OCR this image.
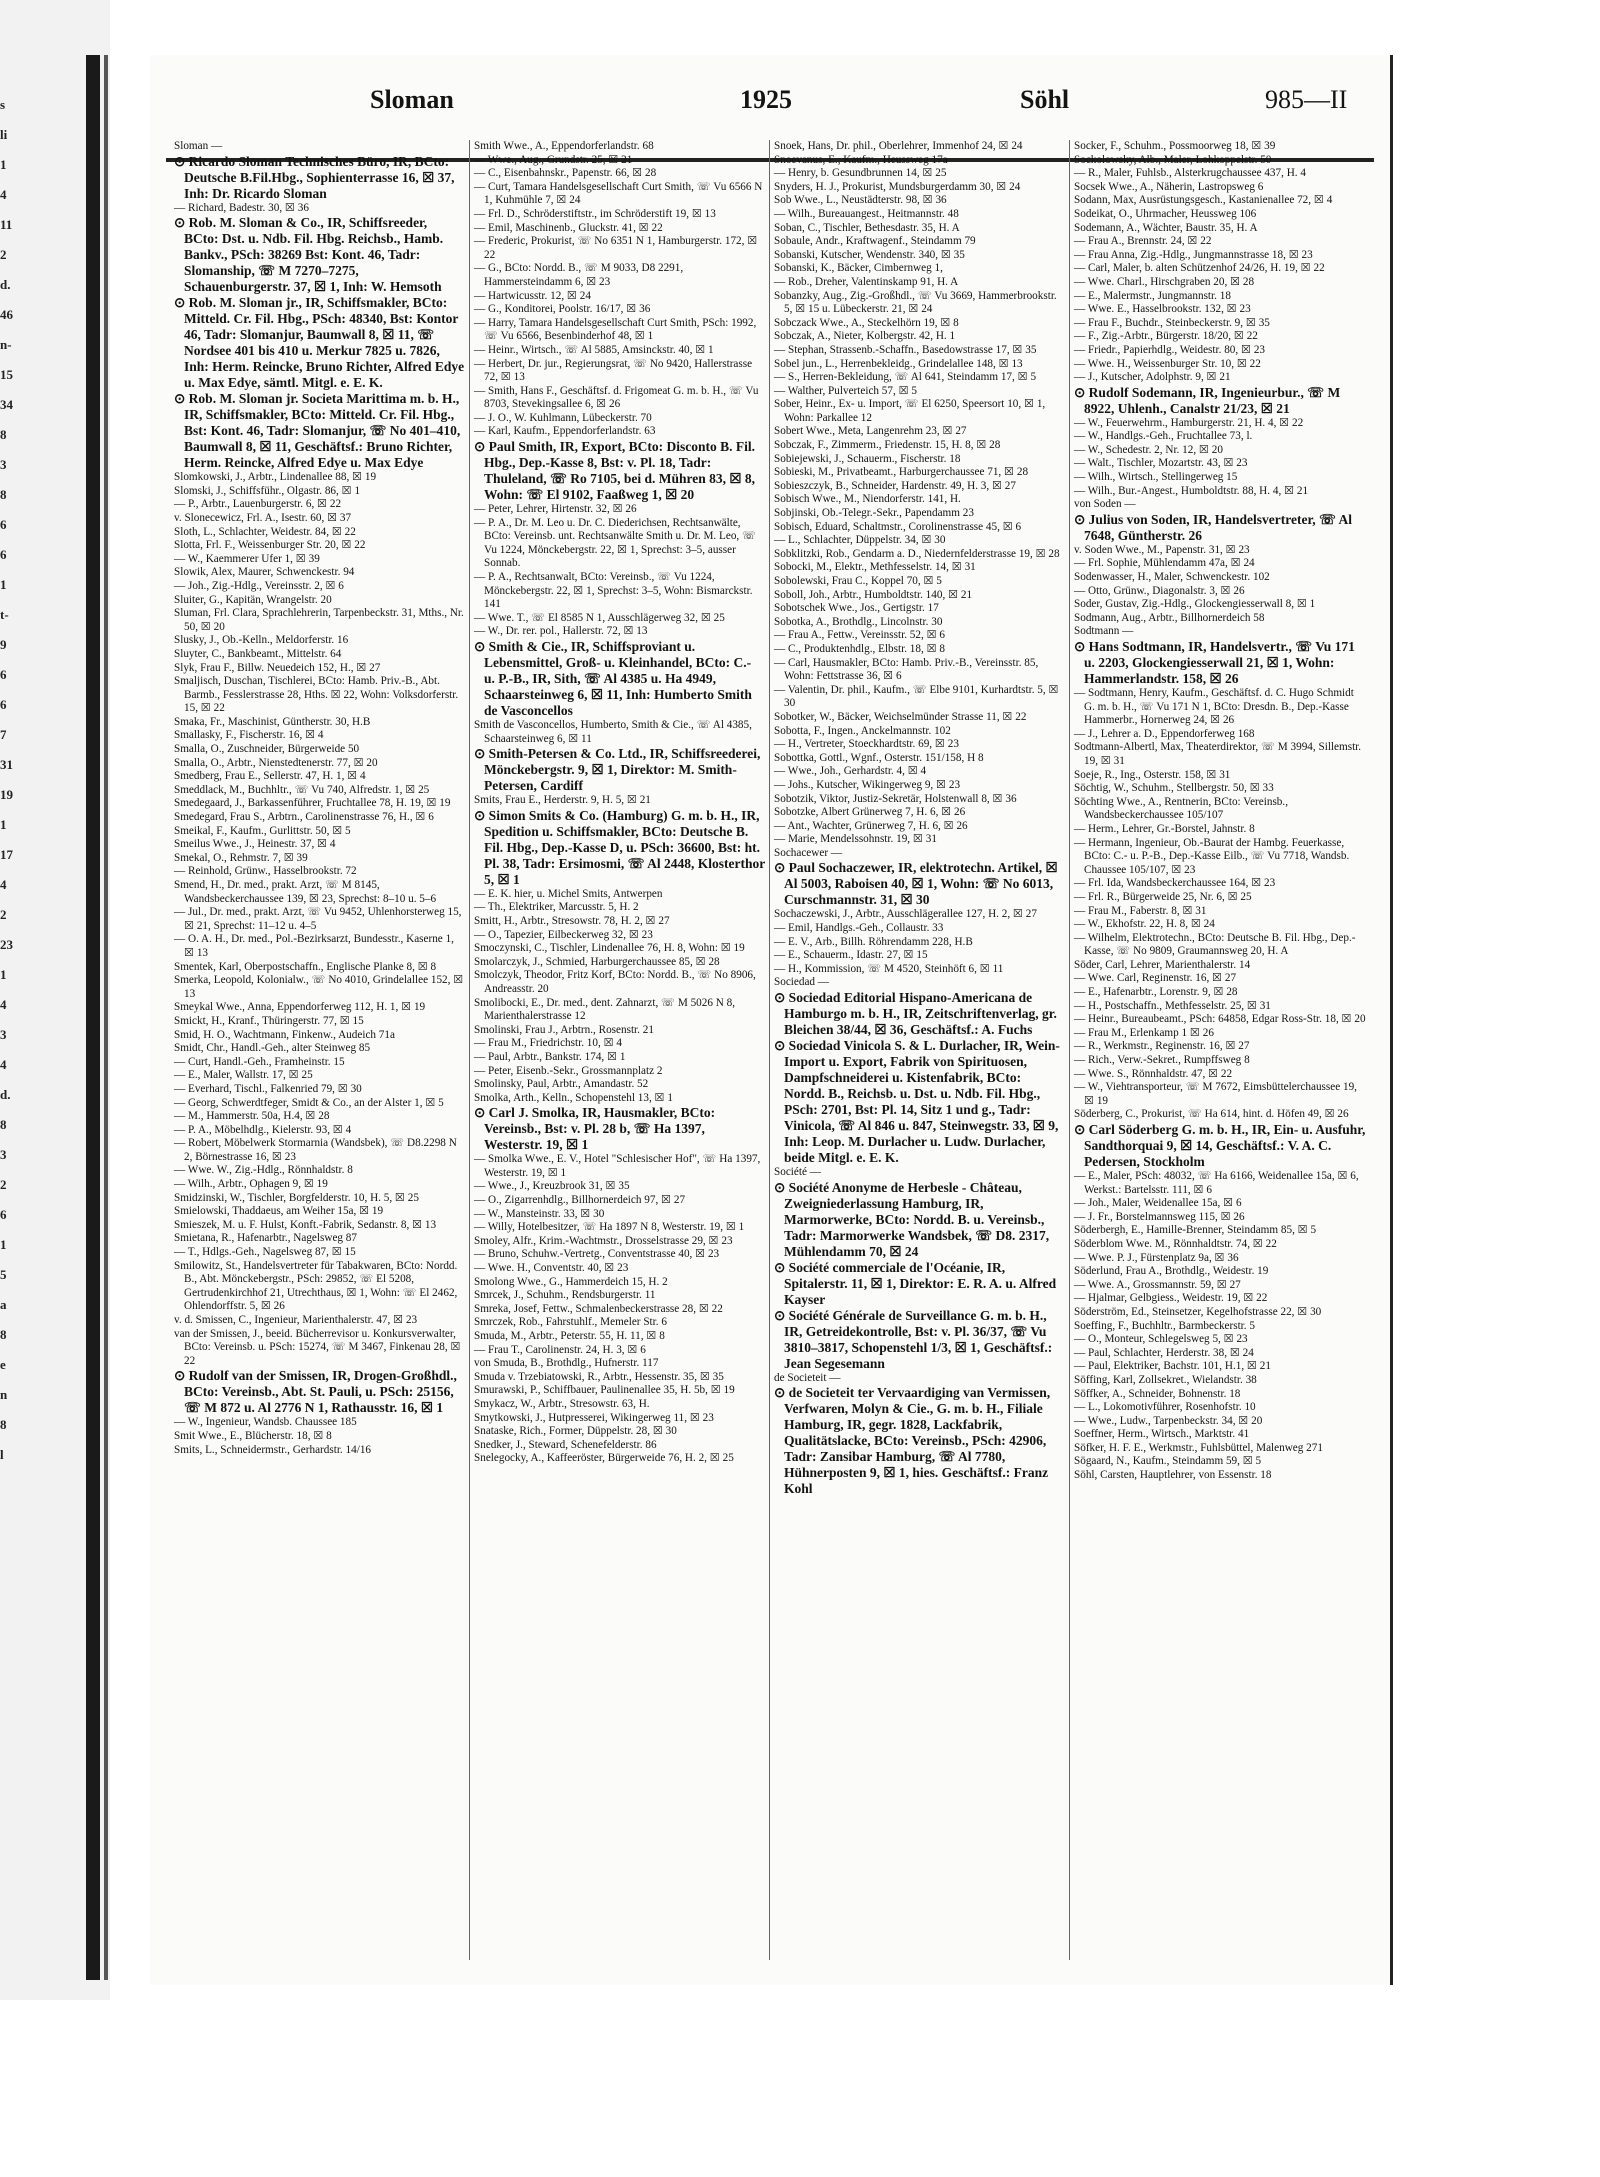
s
li
1
4
11
2
d.
46
n-
15
34
8
3
8
6
6
1
t-
9
6
6
7
31
19
1
17
4
2
23
1
4
3
4
d.
8
3
2
6
1
5
a
8
e
n
8
l
Sloman	1925	Söhl	985—II

Sloman —

⊙ Ricardo Sloman Technisches Büro, IR, BCto: Deutsche B.Fil.Hbg., Sophienterrasse 16, ☒ 37, Inh: Dr. Ricardo Sloman

— Richard, Badestr. 30, ☒ 36

⊙ Rob. M. Sloman & Co., IR, Schiffsreeder, BCto: Dst. u. Ndb. Fil. Hbg. Reichsb., Hamb. Bankv., PSch: 38269 Bst: Kont. 46, Tadr: Slomanship, ☏ M 7270–7275, Schauenburgerstr. 37, ☒ 1, Inh: W. Hemsoth

⊙ Rob. M. Sloman jr., IR, Schiffsmakler, BCto: Mitteld. Cr. Fil. Hbg., PSch: 48340, Bst: Kontor 46, Tadr: Slomanjur, Baumwall 8, ☒ 11, ☏ Nordsee 401 bis 410 u. Merkur 7825 u. 7826, Inh: Herm. Reincke, Bruno Richter, Alfred Edye u. Max Edye, sämtl. Mitgl. e. E. K.

⊙ Rob. M. Sloman jr. Societa Marittima m. b. H., IR, Schiffsmakler, BCto: Mitteld. Cr. Fil. Hbg., Bst: Kont. 46, Tadr: Slomanjur, ☏ No 401–410, Baumwall 8, ☒ 11, Geschäftsf.: Bruno Richter, Herm. Reincke, Alfred Edye u. Max Edye

Slomkowski, J., Arbtr., Lindenallee 88, ☒ 19

Slomski, J., Schiffsführ., Olgastr. 86, ☒ 1

— P., Arbtr., Lauenburgerstr. 6, ☒ 22

v. Slonecewicz, Frl. A., Isestr. 60, ☒ 37

Sloth, L., Schlachter, Weidestr. 84, ☒ 22

Slotta, Frl. F., Weissenburger Str. 20, ☒ 22

— W., Kaemmerer Ufer 1, ☒ 39

Slowik, Alex, Maurer, Schwenckestr. 94

— Joh., Zig.-Hdlg., Vereinsstr. 2, ☒ 6

Sluiter, G., Kapitän, Wrangelstr. 20

Sluman, Frl. Clara, Sprachlehrerin, Tarpenbeckstr. 31, Mths., Nr. 50, ☒ 20

Slusky, J., Ob.-Kelln., Meldorferstr. 16

Sluyter, C., Bankbeamt., Mittelstr. 64

Slyk, Frau F., Billw. Neuedeich 152, H., ☒ 27

Smaljisch, Duschan, Tischlerei, BCto: Hamb. Priv.-B., Abt. Barmb., Fesslerstrasse 28, Hths. ☒ 22, Wohn: Volksdorferstr. 15, ☒ 22

Smaka, Fr., Maschinist, Güntherstr. 30, H.B

Smallasky, F., Fischerstr. 16, ☒ 4

Smalla, O., Zuschneider, Bürgerweide 50

Smalla, O., Arbtr., Nienstedtenerstr. 77, ☒ 20

Smedberg, Frau E., Sellerstr. 47, H. 1, ☒ 4

Smeddlack, M., Buchhltr., ☏ Vu 740, Alfredstr. 1, ☒ 25

Smedegaard, J., Barkassenführer, Fruchtallee 78, H. 19, ☒ 19

Smedegard, Frau S., Arbtrn., Carolinenstrasse 76, H., ☒ 6

Smeikal, F., Kaufm., Gurlittstr. 50, ☒ 5

Smeilus Wwe., J., Heinestr. 37, ☒ 4

Smekal, O., Rehmstr. 7, ☒ 39

— Reinhold, Grünw., Hasselbrookstr. 72

Smend, H., Dr. med., prakt. Arzt, ☏ M 8145, Wandsbeckerchaussee 139, ☒ 23, Sprechst: 8–10 u. 5–6

— Jul., Dr. med., prakt. Arzt, ☏ Vu 9452, Uhlenhorsterweg 15, ☒ 21, Sprechst: 11–12 u. 4–5

— O. A. H., Dr. med., Pol.-Bezirksarzt, Bundesstr., Kaserne 1, ☒ 13

Smentek, Karl, Oberpostschaffn., Englische Planke 8, ☒ 8

Smerka, Leopold, Kolonialw., ☏ No 4010, Grindelallee 152, ☒ 13

Smeykal Wwe., Anna, Eppendorferweg 112, H. 1, ☒ 19

Smickt, H., Kranf., Thüringerstr. 77, ☒ 15

Smid, H. O., Wachtmann, Finkenw., Audeich 71a

Smidt, Chr., Handl.-Geh., alter Steinweg 85

— Curt, Handl.-Geh., Framheinstr. 15

— E., Maler, Wallstr. 17, ☒ 25

— Everhard, Tischl., Falkenried 79, ☒ 30

— Georg, Schwerdtfeger, Smidt & Co., an der Alster 1, ☒ 5

— M., Hammerstr. 50a, H.4, ☒ 28

— P. A., Möbelhdlg., Kielerstr. 93, ☒ 4

— Robert, Möbelwerk Stormarnia (Wandsbek), ☏ D8.2298 N 2, Börnestrasse 16, ☒ 23

— Wwe. W., Zig.-Hdlg., Rönnhaldstr. 8

— Wilh., Arbtr., Ophagen 9, ☒ 19

Smidzinski, W., Tischler, Borgfelderstr. 10, H. 5, ☒ 25

Smielowski, Thaddaeus, am Weiher 15a, ☒ 19

Smieszek, M. u. F. Hulst, Konft.-Fabrik, Sedanstr. 8, ☒ 13

Smietana, R., Hafenarbtr., Nagelsweg 87

— T., Hdlgs.-Geh., Nagelsweg 87, ☒ 15

Smilowitz, St., Handelsvertreter für Tabakwaren, BCto: Nordd. B., Abt. Mönckebergstr., PSch: 29852, ☏ El 5208, Gertrudenkirchhof 21, Utrechthaus, ☒ 1, Wohn: ☏ El 2462, Ohlendorffstr. 5, ☒ 26

v. d. Smissen, C., Ingenieur, Marienthalerstr. 47, ☒ 23

van der Smissen, J., beeid. Bücherrevisor u. Konkursverwalter, BCto: Vereinsb. u. PSch: 15274, ☏ M 3467, Finkenau 28, ☒ 22

⊙ Rudolf van der Smissen, IR, Drogen-Großhdl., BCto: Vereinsb., Abt. St. Pauli, u. PSch: 25156, ☏ M 872 u. Al 2776 N 1, Rathausstr. 16, ☒ 1

— W., Ingenieur, Wandsb. Chaussee 185

Smit Wwe., E., Blücherstr. 18, ☒ 8

Smits, L., Schneidermstr., Gerhardstr. 14/16

Smith Wwe., A., Eppendorferlandstr. 68

— Wwe., Aug., Grundstr. 25, ☒ 21

— C., Eisenbahnskr., Papenstr. 66, ☒ 28

— Curt, Tamara Handelsgesellschaft Curt Smith, ☏ Vu 6566 N 1, Kuhmühle 7, ☒ 24

— Frl. D., Schröderstiftstr., im Schröderstift 19, ☒ 13

— Emil, Maschinenb., Gluckstr. 41, ☒ 22

— Frederic, Prokurist, ☏ No 6351 N 1, Hamburgerstr. 172, ☒ 22

— G., BCto: Nordd. B., ☏ M 9033, D8 2291, Hammersteindamm 6, ☒ 23

— Hartwicusstr. 12, ☒ 24

— G., Konditorei, Poolstr. 16/17, ☒ 36

— Harry, Tamara Handelsgesellschaft Curt Smith, PSch: 1992, ☏ Vu 6566, Besenbinderhof 48, ☒ 1

— Heinr., Wirtsch., ☏ Al 5885, Amsinckstr. 40, ☒ 1

— Herbert, Dr. jur., Regierungsrat, ☏ No 9420, Hallerstrasse 72, ☒ 13

— Smith, Hans F., Geschäftsf. d. Frigomeat G. m. b. H., ☏ Vu 8703, Stevekingsallee 6, ☒ 26

— J. O., W. Kuhlmann, Lübeckerstr. 70

— Karl, Kaufm., Eppendorferlandstr. 63

⊙ Paul Smith, IR, Export, BCto: Disconto B. Fil. Hbg., Dep.-Kasse 8, Bst: v. Pl. 18, Tadr: Thuleland, ☏ Ro 7105, bei d. Mühren 83, ☒ 8, Wohn: ☏ El 9102, Faaßweg 1, ☒ 20

— Peter, Lehrer, Hirtenstr. 32, ☒ 26

— P. A., Dr. M. Leo u. Dr. C. Diederichsen, Rechtsanwälte, BCto: Vereinsb. unt. Rechtsanwälte Smith u. Dr. M. Leo, ☏ Vu 1224, Mönckebergstr. 22, ☒ 1, Sprechst: 3–5, ausser Sonnab.

— P. A., Rechtsanwalt, BCto: Vereinsb., ☏ Vu 1224, Mönckebergstr. 22, ☒ 1, Sprechst: 3–5, Wohn: Bismarckstr. 141

— Wwe. T., ☏ El 8585 N 1, Ausschlägerweg 32, ☒ 25

— W., Dr. rer. pol., Hallerstr. 72, ☒ 13

⊙ Smith & Cie., IR, Schiffsproviant u. Lebensmittel, Groß- u. Kleinhandel, BCto: C.- u. P.-B., IR, Sith, ☏ Al 4385 u. Ha 4949, Schaarsteinweg 6, ☒ 11, Inh: Humberto Smith de Vasconcellos

Smith de Vasconcellos, Humberto, Smith & Cie., ☏ Al 4385, Schaarsteinweg 6, ☒ 11

⊙ Smith-Petersen & Co. Ltd., IR, Schiffsreederei, Mönckebergstr. 9, ☒ 1, Direktor: M. Smith-Petersen, Cardiff

Smits, Frau E., Herderstr. 9, H. 5, ☒ 21

⊙ Simon Smits & Co. (Hamburg) G. m. b. H., IR, Spedition u. Schiffsmakler, BCto: Deutsche B. Fil. Hbg., Dep.-Kasse D, u. PSch: 36600, Bst: ht. Pl. 38, Tadr: Ersimosmi, ☏ Al 2448, Klosterthor 5, ☒ 1

— E. K. hier, u. Michel Smits, Antwerpen

— Th., Elektriker, Marcusstr. 5, H. 2

Smitt, H., Arbtr., Stresowstr. 78, H. 2, ☒ 27

— O., Tapezier, Eilbeckerweg 32, ☒ 23

Smoczynski, C., Tischler, Lindenallee 76, H. 8, Wohn: ☒ 19

Smolarczyk, J., Schmied, Harburgerchaussee 85, ☒ 28

Smolczyk, Theodor, Fritz Korf, BCto: Nordd. B., ☏ No 8906, Andreasstr. 20

Smolibocki, E., Dr. med., dent. Zahnarzt, ☏ M 5026 N 8, Marienthalerstrasse 12

Smolinski, Frau J., Arbtrn., Rosenstr. 21

— Frau M., Friedrichstr. 10, ☒ 4

— Paul, Arbtr., Bankstr. 174, ☒ 1

— Peter, Eisenb.-Sekr., Grossmannplatz 2

Smolinsky, Paul, Arbtr., Amandastr. 52

Smolka, Arth., Kelln., Schopenstehl 13, ☒ 1

⊙ Carl J. Smolka, IR, Hausmakler, BCto: Vereinsb., Bst: v. Pl. 28 b, ☏ Ha 1397, Westerstr. 19, ☒ 1

— Smolka Wwe., E. V., Hotel "Schlesischer Hof", ☏ Ha 1397, Westerstr. 19, ☒ 1

— Wwe., J., Kreuzbrook 31, ☒ 35

— O., Zigarrenhdlg., Billhornerdeich 97, ☒ 27

— W., Mansteinstr. 33, ☒ 30

— Willy, Hotelbesitzer, ☏ Ha 1897 N 8, Westerstr. 19, ☒ 1

Smoley, Alfr., Krim.-Wachtmstr., Drosselstrasse 29, ☒ 23

— Bruno, Schuhw.-Vertretg., Conventstrasse 40, ☒ 23

— Wwe. H., Conventstr. 40, ☒ 23

Smolong Wwe., G., Hammerdeich 15, H. 2

Smrcek, J., Schuhm., Rendsburgerstr. 11

Smreka, Josef, Fettw., Schmalenbeckerstrasse 28, ☒ 22

Smrczek, Rob., Fahrstuhlf., Memeler Str. 6

Smuda, M., Arbtr., Peterstr. 55, H. 11, ☒ 8

— Frau T., Carolinenstr. 24, H. 3, ☒ 6

von Smuda, B., Brothdlg., Hufnerstr. 117

Smuda v. Trzebiatowski, R., Arbtr., Hessenstr. 35, ☒ 35

Smurawski, P., Schiffbauer, Paulinenallee 35, H. 5b, ☒ 19

Smykacz, W., Arbtr., Stresowstr. 63, H.

Smytkowski, J., Hutpresserei, Wikingerweg 11, ☒ 23

Snataske, Rich., Former, Düppelstr. 28, ☒ 30

Snedker, J., Steward, Schenefelderstr. 86

Snelegocky, A., Kaffeeröster, Bürgerweide 76, H. 2, ☒ 25

Snoek, Hans, Dr. phil., Oberlehrer, Immenhof 24, ☒ 24

Snoevanus, E., Kaufm., Heussweg 17a

— Henry, b. Gesundbrunnen 14, ☒ 25

Snyders, H. J., Prokurist, Mundsburgerdamm 30, ☒ 24

Sob Wwe., L., Neustädterstr. 98, ☒ 36

— Wilh., Bureauangest., Heitmannstr. 48

Soban, C., Tischler, Bethesdastr. 35, H. A

Sobaule, Andr., Kraftwagenf., Steindamm 79

Sobanski, Kutscher, Wendenstr. 340, ☒ 35

Sobanski, K., Bäcker, Cimbernweg 1,

— Rob., Dreher, Valentinskamp 91, H. A

Sobanzky, Aug., Zig.-Großhdl., ☏ Vu 3669, Hammerbrookstr. 5, ☒ 15 u. Lübeckerstr. 21, ☒ 24

Sobczack Wwe., A., Steckelhörn 19, ☒ 8

Sobczak, A., Nieter, Kolbergstr. 42, H. 1

— Stephan, Strassenb.-Schaffn., Basedowstrasse 17, ☒ 35

Sobel jun., L., Herrenbekleidg., Grindelallee 148, ☒ 13

— S., Herren-Bekleidung, ☏ Al 641, Steindamm 17, ☒ 5

— Walther, Pulverteich 57, ☒ 5

Sober, Heinr., Ex- u. Import, ☏ El 6250, Speersort 10, ☒ 1, Wohn: Parkallee 12

Sobert Wwe., Meta, Langenrehm 23, ☒ 27

Sobczak, F., Zimmerm., Friedenstr. 15, H. 8, ☒ 28

Sobiejewski, J., Schauerm., Fischerstr. 18

Sobieski, M., Privatbeamt., Harburgerchaussee 71, ☒ 28

Sobieszczyk, B., Schneider, Hardenstr. 49, H. 3, ☒ 27

Sobisch Wwe., M., Niendorferstr. 141, H.

Sobjinski, Ob.-Telegr.-Sekr., Papendamm 23

Sobisch, Eduard, Schaltmstr., Corolinenstrasse 45, ☒ 6

— L., Schlachter, Düppelstr. 34, ☒ 30

Sobklitzki, Rob., Gendarm a. D., Niedernfelderstrasse 19, ☒ 28

Sobocki, M., Elektr., Methfesselstr. 14, ☒ 31

Sobolewski, Frau C., Koppel 70, ☒ 5

Soboll, Joh., Arbtr., Humboldtstr. 140, ☒ 21

Sobotschek Wwe., Jos., Gertigstr. 17

Sobotka, A., Brothdlg., Lincolnstr. 30

— Frau A., Fettw., Vereinsstr. 52, ☒ 6

— C., Produktenhdlg., Elbstr. 18, ☒ 8

— Carl, Hausmakler, BCto: Hamb. Priv.-B., Vereinsstr. 85, Wohn: Fettstrasse 36, ☒ 6

— Valentin, Dr. phil., Kaufm., ☏ Elbe 9101, Kurhardtstr. 5, ☒ 30

Sobotker, W., Bäcker, Weichselmünder Strasse 11, ☒ 22

Sobotta, F., Ingen., Anckelmannstr. 102

— H., Vertreter, Stoeckhardtstr. 69, ☒ 23

Sobottka, Gottl., Wgnf., Osterstr. 151/158, H 8

— Wwe., Joh., Gerhardstr. 4, ☒ 4

— Johs., Kutscher, Wikingerweg 9, ☒ 23

Sobotzik, Viktor, Justiz-Sekretär, Holstenwall 8, ☒ 36

Sobotzke, Albert Grünerweg 7, H. 6, ☒ 26

— Ant., Wachter, Grünerweg 7, H. 6, ☒ 26

— Marie, Mendelssohnstr. 19, ☒ 31

Sochacewer —

⊙ Paul Sochaczewer, IR, elektrotechn. Artikel, ☒ Al 5003, Raboisen 40, ☒ 1, Wohn: ☏ No 6013, Curschmannstr. 31, ☒ 30

Sochaczewski, J., Arbtr., Ausschlägerallee 127, H. 2, ☒ 27

— Emil, Handlgs.-Geh., Collaustr. 33

— E. V., Arb., Billh. Röhrendamm 228, H.B

— E., Schauerm., Idastr. 27, ☒ 15

— H., Kommission, ☏ M 4520, Steinhöft 6, ☒ 11

Sociedad —

⊙ Sociedad Editorial Hispano-Americana de Hamburgo m. b. H., IR, Zeitschriftenverlag, gr. Bleichen 38/44, ☒ 36, Geschäftsf.: A. Fuchs

⊙ Sociedad Vinicola S. & L. Durlacher, IR, Wein-Import u. Export, Fabrik von Spirituosen, Dampfschneiderei u. Kistenfabrik, BCto: Nordd. B., Reichsb. u. Dst. u. Ndb. Fil. Hbg., PSch: 2701, Bst: Pl. 14, Sitz 1 und g., Tadr: Vinicola, ☏ Al 846 u. 847, Steinwegstr. 33, ☒ 9, Inh: Leop. M. Durlacher u. Ludw. Durlacher, beide Mitgl. e. E. K.

Société —

⊙ Société Anonyme de Herbesle - Château, Zweigniederlassung Hamburg, IR, Marmorwerke, BCto: Nordd. B. u. Vereinsb., Tadr: Marmorwerke Wandsbek, ☏ D8. 2317, Mühlendamm 70, ☒ 24

⊙ Société commerciale de l'Océanie, IR, Spitalerstr. 11, ☒ 1, Direktor: E. R. A. u. Alfred Kayser

⊙ Société Générale de Surveillance G. m. b. H., IR, Getreidekontrolle, Bst: v. Pl. 36/37, ☏ Vu 3810–3817, Schopenstehl 1/3, ☒ 1, Geschäftsf.: Jean Segesemann

de Societeit —

⊙ de Societeit ter Vervaardiging van Vermissen, Verfwaren, Molyn & Cie., G. m. b. H., Filiale Hamburg, IR, gegr. 1828, Lackfabrik, Qualitätslacke, BCto: Vereinsb., PSch: 42906, Tadr: Zansibar Hamburg, ☏ Al 7780, Hühnerposten 9, ☒ 1, hies. Geschäftsf.: Franz Kohl

Socker, F., Schuhm., Possmoorweg 18, ☒ 39

Sockolowsky, Alb., Maler, Lohkoppelstr. 50

— R., Maler, Fuhlsb., Alsterkrugchaussee 437, H. 4

Socsek Wwe., A., Näherin, Lastropsweg 6

Sodann, Max, Ausrüstungsgesch., Kastanienallee 72, ☒ 4

Sodeikat, O., Uhrmacher, Heussweg 106

Sodemann, A., Wächter, Baustr. 35, H. A

— Frau A., Brennstr. 24, ☒ 22

— Frau Anna, Zig.-Hdlg., Jungmannstrasse 18, ☒ 23

— Carl, Maler, b. alten Schützenhof 24/26, H. 19, ☒ 22

— Wwe. Charl., Hirschgraben 20, ☒ 28

— E., Malermstr., Jungmannstr. 18

— Wwe. E., Hasselbrookstr. 132, ☒ 23

— Frau F., Buchdr., Steinbeckerstr. 9, ☒ 35

— F., Zig.-Arbtr., Bürgerstr. 18/20, ☒ 22

— Friedr., Papierhdlg., Weidestr. 80, ☒ 23

— Wwe. H., Weissenburger Str. 10, ☒ 22

— J., Kutscher, Adolphstr. 9, ☒ 21

⊙ Rudolf Sodemann, IR, Ingenieurbur., ☏ M 8922, Uhlenh., Canalstr 21/23, ☒ 21

— W., Feuerwehrm., Hamburgerstr. 21, H. 4, ☒ 22

— W., Handlgs.-Geh., Fruchtallee 73, l.

— W., Schedestr. 2, Nr. 12, ☒ 20

— Walt., Tischler, Mozartstr. 43, ☒ 23

— Wilh., Wirtsch., Stellingerweg 15

— Wilh., Bur.-Angest., Humboldtstr. 88, H. 4, ☒ 21

von Soden —

⊙ Julius von Soden, IR, Handelsvertreter, ☏ Al 7648, Güntherstr. 26

v. Soden Wwe., M., Papenstr. 31, ☒ 23

— Frl. Sophie, Mühlendamm 47a, ☒ 24

Sodenwasser, H., Maler, Schwenckestr. 102

— Otto, Grünw., Diagonalstr. 3, ☒ 26

Soder, Gustav, Zig.-Hdlg., Glockengiesserwall 8, ☒ 1

Sodmann, Aug., Arbtr., Billhornerdeich 58

Sodtmann —

⊙ Hans Sodtmann, IR, Handelsvertr., ☏ Vu 171 u. 2203, Glockengiesserwall 21, ☒ 1, Wohn: Hammerlandstr. 158, ☒ 26

— Sodtmann, Henry, Kaufm., Geschäftsf. d. C. Hugo Schmidt G. m. b. H., ☏ Vu 171 N 1, BCto: Dresdn. B., Dep.-Kasse Hammerbr., Hornerweg 24, ☒ 26

— J., Lehrer a. D., Eppendorferweg 168

Sodtmann-Albertl, Max, Theaterdirektor, ☏ M 3994, Sillemstr. 19, ☒ 31

Soeje, R., Ing., Osterstr. 158, ☒ 31

Söchtig, W., Schuhm., Stellbergstr. 50, ☒ 33

Söchting Wwe., A., Rentnerin, BCto: Vereinsb., Wandsbeckerchaussee 105/107

— Herm., Lehrer, Gr.-Borstel, Jahnstr. 8

— Hermann, Ingenieur, Ob.-Baurat der Hambg. Feuerkasse, BCto: C.- u. P.-B., Dep.-Kasse Eilb., ☏ Vu 7718, Wandsb. Chaussee 105/107, ☒ 23

— Frl. Ida, Wandsbeckerchaussee 164, ☒ 23

— Frl. R., Bürgerweide 25, Nr. 6, ☒ 25

— Frau M., Faberstr. 8, ☒ 31

— W., Ekhofstr. 22, H. 8, ☒ 24

— Wilhelm, Elektrotechn., BCto: Deutsche B. Fil. Hbg., Dep.-Kasse, ☏ No 9809, Graumannsweg 20, H. A

Söder, Carl, Lehrer, Marienthalerstr. 14

— Wwe. Carl, Reginenstr. 16, ☒ 27

— E., Hafenarbtr., Lorenstr. 9, ☒ 28

— H., Postschaffn., Methfesselstr. 25, ☒ 31

— Heinr., Bureaubeamt., PSch: 64858, Edgar Ross-Str. 18, ☒ 20

— Frau M., Erlenkamp 1 ☒ 26

— R., Werkmstr., Reginenstr. 16, ☒ 27

— Rich., Verw.-Sekret., Rumpffsweg 8

— Wwe. S., Rönnhaldstr. 47, ☒ 22

— W., Viehtransporteur, ☏ M 7672, Eimsbüttelerchaussee 19, ☒ 19

Söderberg, C., Prokurist, ☏ Ha 614, hint. d. Höfen 49, ☒ 26

⊙ Carl Söderberg G. m. b. H., IR, Ein- u. Ausfuhr, Sandthorquai 9, ☒ 14, Geschäftsf.: V. A. C. Pedersen, Stockholm

— E., Maler, PSch: 48032, ☏ Ha 6166, Weidenallee 15a, ☒ 6, Werkst.: Bartelsstr. 111, ☒ 6

— Joh., Maler, Weidenallee 15a, ☒ 6

— J. Fr., Borstelmannsweg 115, ☒ 26

Söderbergh, E., Hamille-Brenner, Steindamm 85, ☒ 5

Söderblom Wwe. M., Rönnhaldtstr. 74, ☒ 22

— Wwe. P. J., Fürstenplatz 9a, ☒ 36

Söderlund, Frau A., Brothdlg., Weidestr. 19

— Wwe. A., Grossmannstr. 59, ☒ 27

— Hjalmar, Gelbgiess., Weidestr. 19, ☒ 22

Söderström, Ed., Steinsetzer, Kegelhofstrasse 22, ☒ 30

Soeffing, F., Buchhltr., Barmbeckerstr. 5

— O., Monteur, Schlegelsweg 5, ☒ 23

— Paul, Schlachter, Herderstr. 38, ☒ 24

— Paul, Elektriker, Bachstr. 101, H.1, ☒ 21

Söffing, Karl, Zollsekret., Wielandstr. 38

Söffker, A., Schneider, Bohnenstr. 18

— L., Lokomotivführer, Rosenhofstr. 10

— Wwe., Ludw., Tarpenbeckstr. 34, ☒ 20

Soeffner, Herm., Wirtsch., Marktstr. 41

Söfker, H. F. E., Werkmstr., Fuhlsbüttel, Malenweg 271

Sögaard, N., Kaufm., Steindamm 59, ☒ 5

Söhl, Carsten, Hauptlehrer, von Essenstr. 18
